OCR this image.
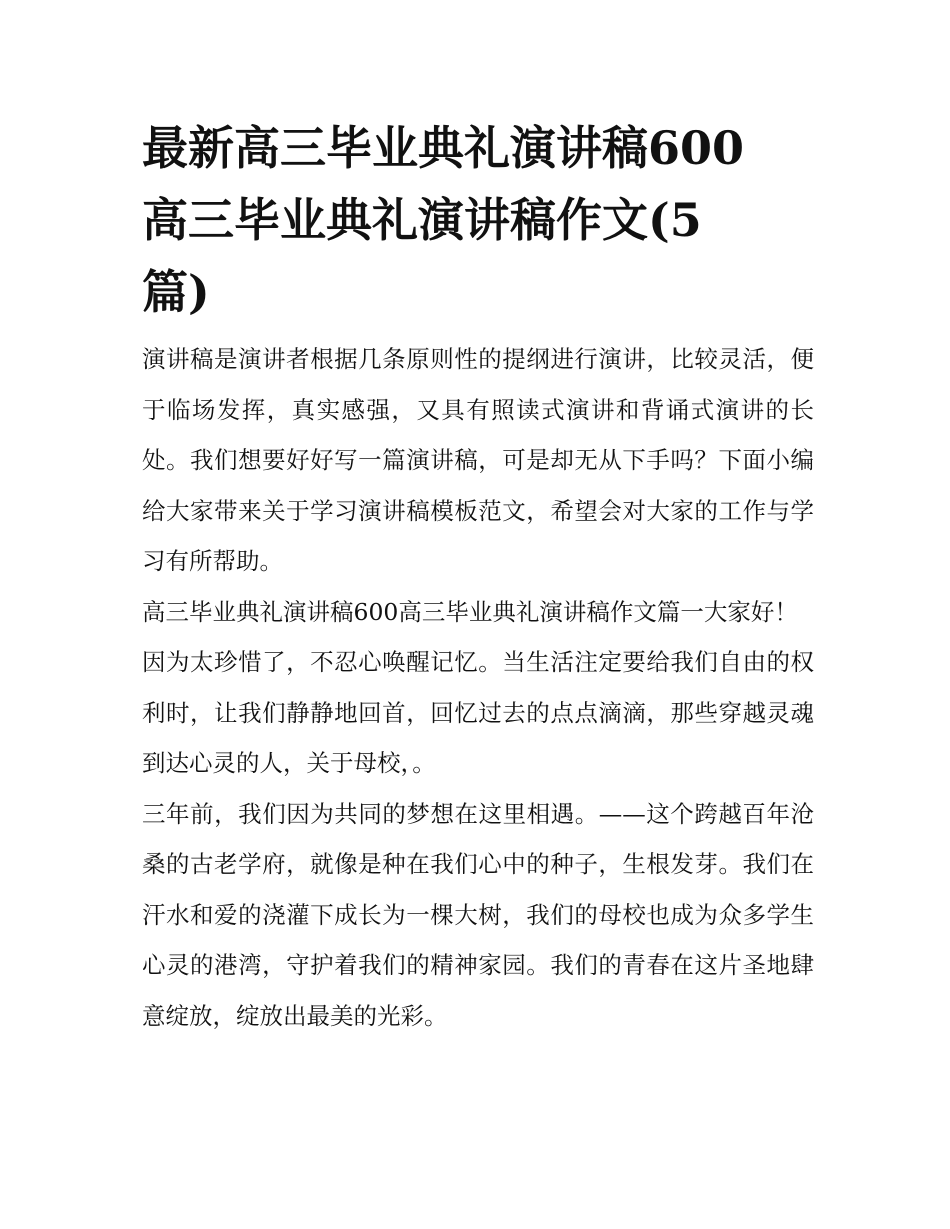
最新高三毕业典礼演讲稿600
高三毕业典礼演讲稿作文(5
篇)

演讲稿是演讲者根据几条原则性的提纲进行演讲，比较灵活，便于临场发挥，真实感强，又具有照读式演讲和背诵式演讲的长处。我们想要好好写一篇演讲稿，可是却无从下手吗？下面小编给大家带来关于学习演讲稿模板范文，希望会对大家的工作与学习有所帮助。

高三毕业典礼演讲稿600高三毕业典礼演讲稿作文篇一大家好！

因为太珍惜了，不忍心唤醒记忆。当生活注定要给我们自由的权利时，让我们静静地回首，回忆过去的点点滴滴，那些穿越灵魂到达心灵的人，关于母校，。

三年前，我们因为共同的梦想在这里相遇。——这个跨越百年沧桑的古老学府，就像是种在我们心中的种子，生根发芽。我们在汗水和爱的浇灌下成长为一棵大树，我们的母校也成为众多学生心灵的港湾，守护着我们的精神家园。我们的青春在这片圣地肆意绽放，绽放出最美的光彩。
